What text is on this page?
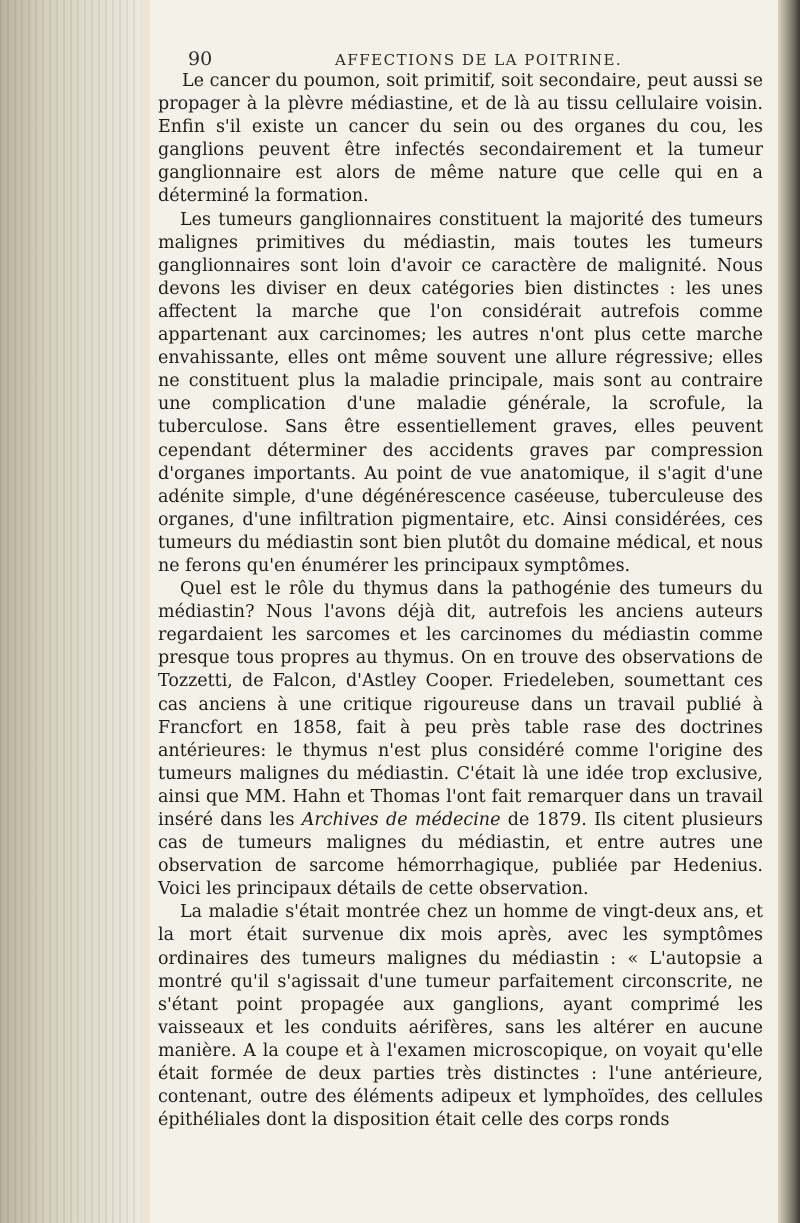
90	AFFECTIONS DE LA POITRINE.

Le cancer du poumon, soit primitif, soit secondaire, peut aussi se propager à la plèvre médiastine, et de là au tissu cellulaire voisin. Enfin s'il existe un cancer du sein ou des organes du cou, les ganglions peuvent être infectés secondairement et la tumeur ganglionnaire est alors de même nature que celle qui en a déterminé la formation.

Les tumeurs ganglionnaires constituent la majorité des tumeurs malignes primitives du médiastin, mais toutes les tumeurs ganglionnaires sont loin d'avoir ce caractère de malignité. Nous devons les diviser en deux catégories bien distinctes : les unes affectent la marche que l'on considérait autrefois comme appartenant aux carcinomes; les autres n'ont plus cette marche envahissante, elles ont même souvent une allure régressive; elles ne constituent plus la maladie principale, mais sont au contraire une complication d'une maladie générale, la scrofule, la tuberculose. Sans être essentiellement graves, elles peuvent cependant déterminer des accidents graves par compression d'organes importants. Au point de vue anatomique, il s'agit d'une adénite simple, d'une dégénérescence caséeuse, tuberculeuse des organes, d'une infiltration pigmentaire, etc. Ainsi considérées, ces tumeurs du médiastin sont bien plutôt du domaine médical, et nous ne ferons qu'en énumérer les principaux symptômes.

Quel est le rôle du thymus dans la pathogénie des tumeurs du médiastin? Nous l'avons déjà dit, autrefois les anciens auteurs regardaient les sarcomes et les carcinomes du médiastin comme presque tous propres au thymus. On en trouve des observations de Tozzetti, de Falcon, d'Astley Cooper. Friedeleben, soumettant ces cas anciens à une critique rigoureuse dans un travail publié à Francfort en 1858, fait à peu près table rase des doctrines antérieures: le thymus n'est plus considéré comme l'origine des tumeurs malignes du médiastin. C'était là une idée trop exclusive, ainsi que MM. Hahn et Thomas l'ont fait remarquer dans un travail inséré dans les Archives de médecine de 1879. Ils citent plusieurs cas de tumeurs malignes du médiastin, et entre autres une observation de sarcome hémorrhagique, publiée par Hedenius. Voici les principaux détails de cette observation.

La maladie s'était montrée chez un homme de vingt-deux ans, et la mort était survenue dix mois après, avec les symptômes ordinaires des tumeurs malignes du médiastin : « L'autopsie a montré qu'il s'agissait d'une tumeur parfaitement circonscrite, ne s'étant point propagée aux ganglions, ayant comprimé les vaisseaux et les conduits aérifères, sans les altérer en aucune manière. A la coupe et à l'examen microscopique, on voyait qu'elle était formée de deux parties très distinctes : l'une antérieure, contenant, outre des éléments adipeux et lymphoïdes, des cellules épithéliales dont la disposition était celle des corps ronds
